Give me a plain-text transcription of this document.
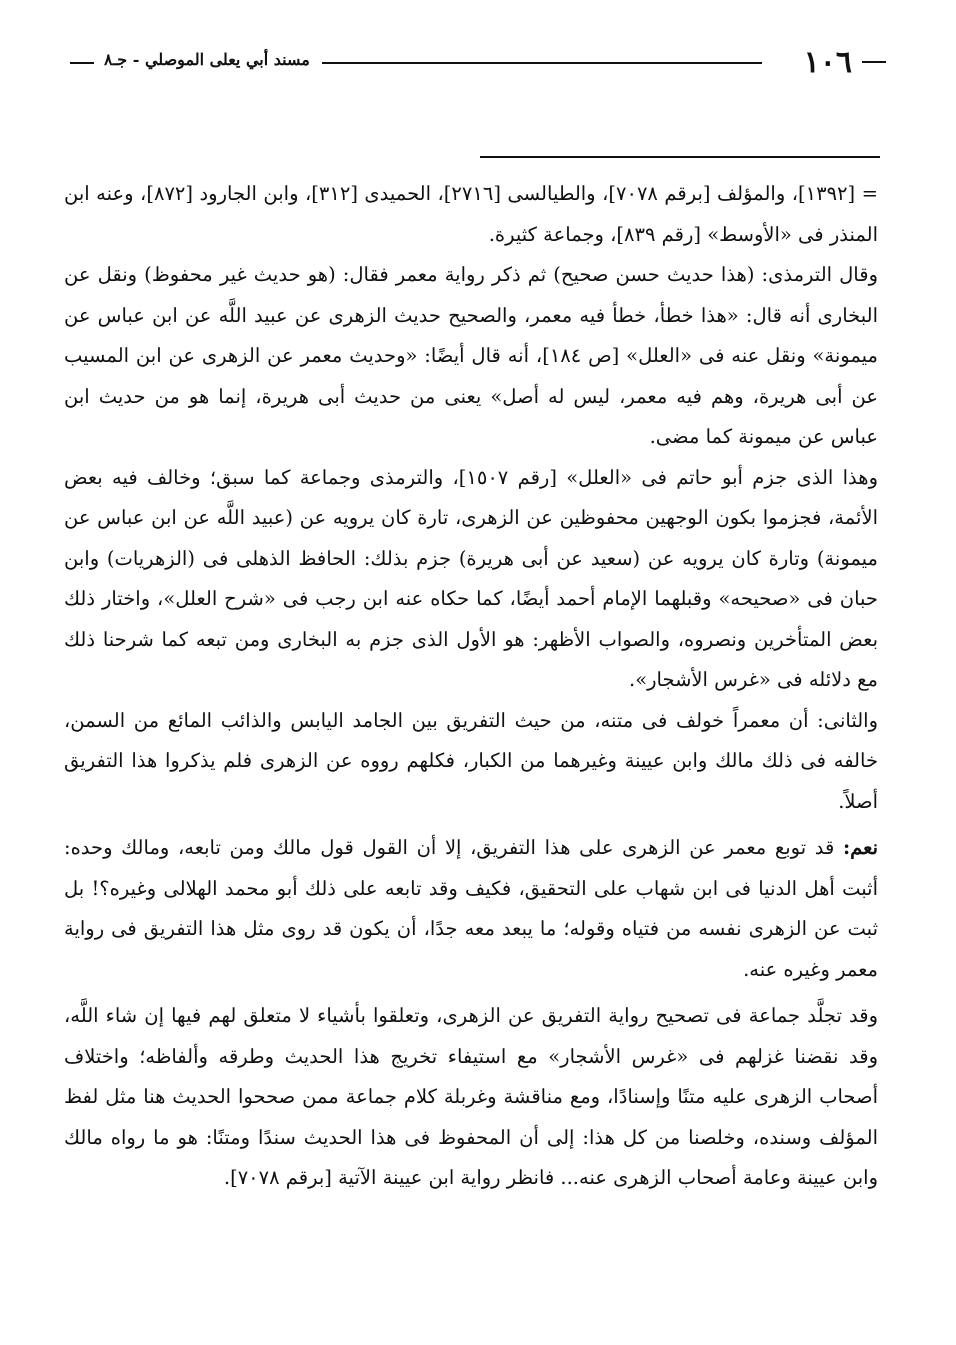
١٠٦
مسند أبي يعلى الموصلي - جـ٨

= [١٣٩٢]، والمؤلف [برقم ٧٠٧٨]، والطيالسى [٢٧١٦]، الحميدى [٣١٢]، وابن الجارود [٨٧٢]، وعنه ابن المنذر فى «الأوسط» [رقم ٨٣٩]، وجماعة كثيرة.

وقال الترمذى: (هذا حديث حسن صحيح) ثم ذكر رواية معمر فقال: (هو حديث غير محفوظ) ونقل عن البخارى أنه قال: «هذا خطأ، خطأ فيه معمر، والصحيح حديث الزهرى عن عبيد اللَّه عن ابن عباس عن ميمونة» ونقل عنه فى «العلل» [ص ١٨٤]، أنه قال أيضًا: «وحديث معمر عن الزهرى عن ابن المسيب عن أبى هريرة، وهم فيه معمر، ليس له أصل» يعنى من حديث أبى هريرة، إنما هو من حديث ابن عباس عن ميمونة كما مضى.

وهذا الذى جزم أبو حاتم فى «العلل» [رقم ١٥٠٧]، والترمذى وجماعة كما سبق؛ وخالف فيه بعض الأئمة، فجزموا بكون الوجهين محفوظين عن الزهرى، تارة كان يرويه عن (عبيد اللَّه عن ابن عباس عن ميمونة) وتارة كان يرويه عن (سعيد عن أبى هريرة) جزم بذلك: الحافظ الذهلى فى (الزهريات) وابن حبان فى «صحيحه» وقبلهما الإمام أحمد أيضًا، كما حكاه عنه ابن رجب فى «شرح العلل»، واختار ذلك بعض المتأخرين ونصروه، والصواب الأظهر: هو الأول الذى جزم به البخارى ومن تبعه كما شرحنا ذلك مع دلائله فى «غرس الأشجار».

والثانى: أن معمراً خولف فى متنه، من حيث التفريق بين الجامد اليابس والذائب المائع من السمن، خالفه فى ذلك مالك وابن عيينة وغيرهما من الكبار، فكلهم رووه عن الزهرى فلم يذكروا هذا التفريق أصلاً.

نعم: قد توبع معمر عن الزهرى على هذا التفريق، إلا أن القول قول مالك ومن تابعه، ومالك وحده: أثبت أهل الدنيا فى ابن شهاب على التحقيق، فكيف وقد تابعه على ذلك أبو محمد الهلالى وغيره؟! بل ثبت عن الزهرى نفسه من فتياه وقوله؛ ما يبعد معه جدًا، أن يكون قد روى مثل هذا التفريق فى رواية معمر وغيره عنه.

وقد تجلَّد جماعة فى تصحيح رواية التفريق عن الزهرى، وتعلقوا بأشياء لا متعلق لهم فيها إن شاء اللَّه، وقد نقضنا غزلهم فى «غرس الأشجار» مع استيفاء تخريج هذا الحديث وطرقه وألفاظه؛ واختلاف أصحاب الزهرى عليه متنًا وإسنادًا، ومع مناقشة وغربلة كلام جماعة ممن صححوا الحديث هنا مثل لفظ المؤلف وسنده، وخلصنا من كل هذا: إلى أن المحفوظ فى هذا الحديث سندًا ومتنًا: هو ما رواه مالك وابن عيينة وعامة أصحاب الزهرى عنه... فانظر رواية ابن عيينة الآتية [برقم ٧٠٧٨].
